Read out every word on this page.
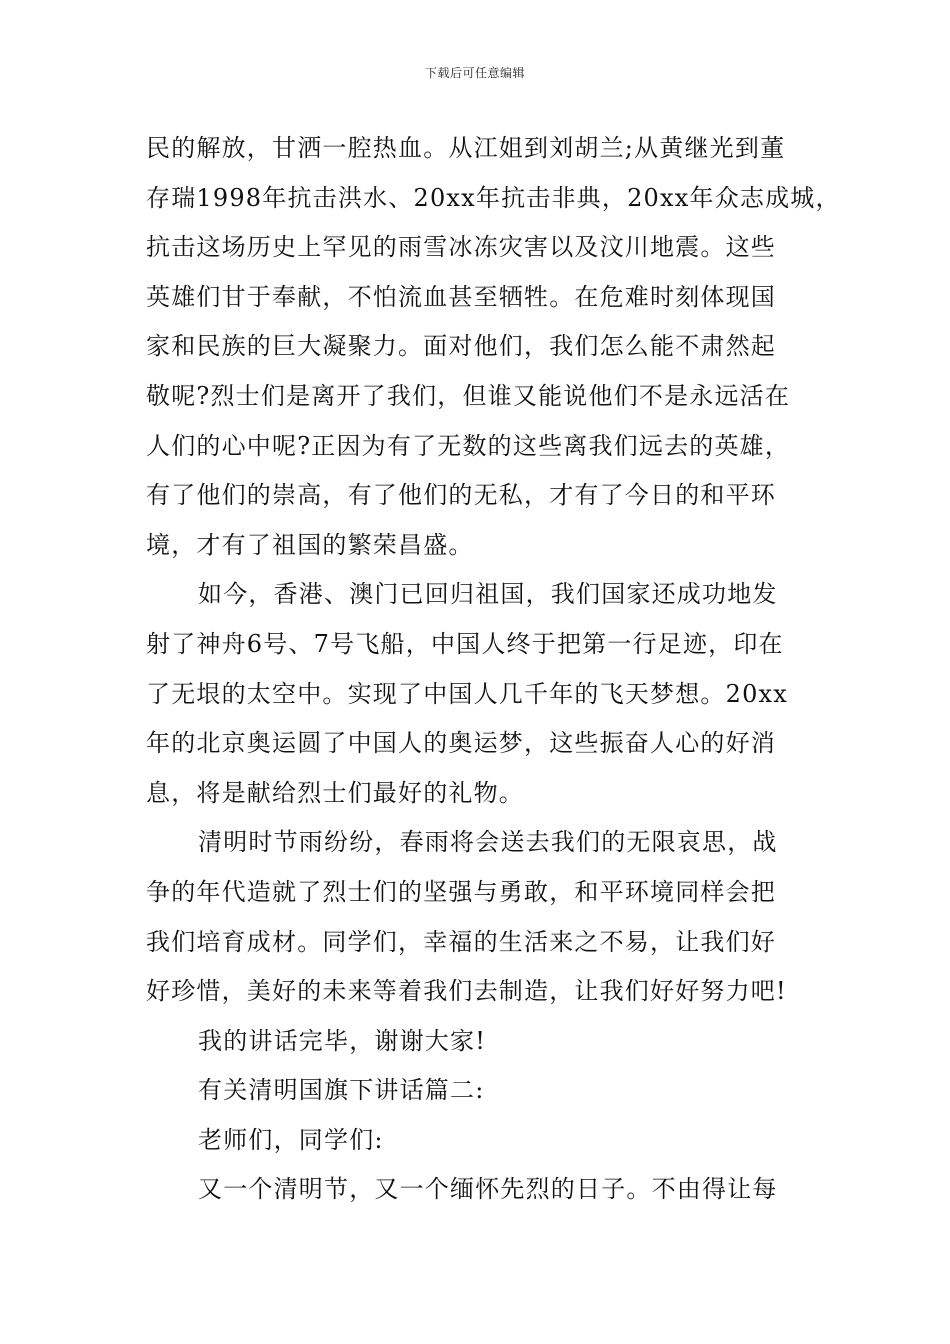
下载后可任意编辑
民的解放，甘洒一腔热血。从江姐到刘胡兰;从黄继光到董
存瑞1998年抗击洪水、20xx年抗击非典，20xx年众志成城，
抗击这场历史上罕见的雨雪冰冻灾害以及汶川地震。这些
英雄们甘于奉献，不怕流血甚至牺牲。在危难时刻体现国
家和民族的巨大凝聚力。面对他们，我们怎么能不肃然起
敬呢?烈士们是离开了我们，但谁又能说他们不是永远活在
人们的心中呢?正因为有了无数的这些离我们远去的英雄，
有了他们的崇高，有了他们的无私，才有了今日的和平环
境，才有了祖国的繁荣昌盛。
如今，香港、澳门已回归祖国，我们国家还成功地发
射了神舟6号、7号飞船，中国人终于把第一行足迹，印在
了无垠的太空中。实现了中国人几千年的飞天梦想。20xx
年的北京奥运圆了中国人的奥运梦，这些振奋人心的好消
息，将是献给烈士们最好的礼物。
清明时节雨纷纷，春雨将会送去我们的无限哀思，战
争的年代造就了烈士们的坚强与勇敢，和平环境同样会把
我们培育成材。同学们，幸福的生活来之不易，让我们好
好珍惜，美好的未来等着我们去制造，让我们好好努力吧!
我的讲话完毕，谢谢大家!
有关清明国旗下讲话篇二:
老师们，同学们:
又一个清明节，又一个缅怀先烈的日子。不由得让每
